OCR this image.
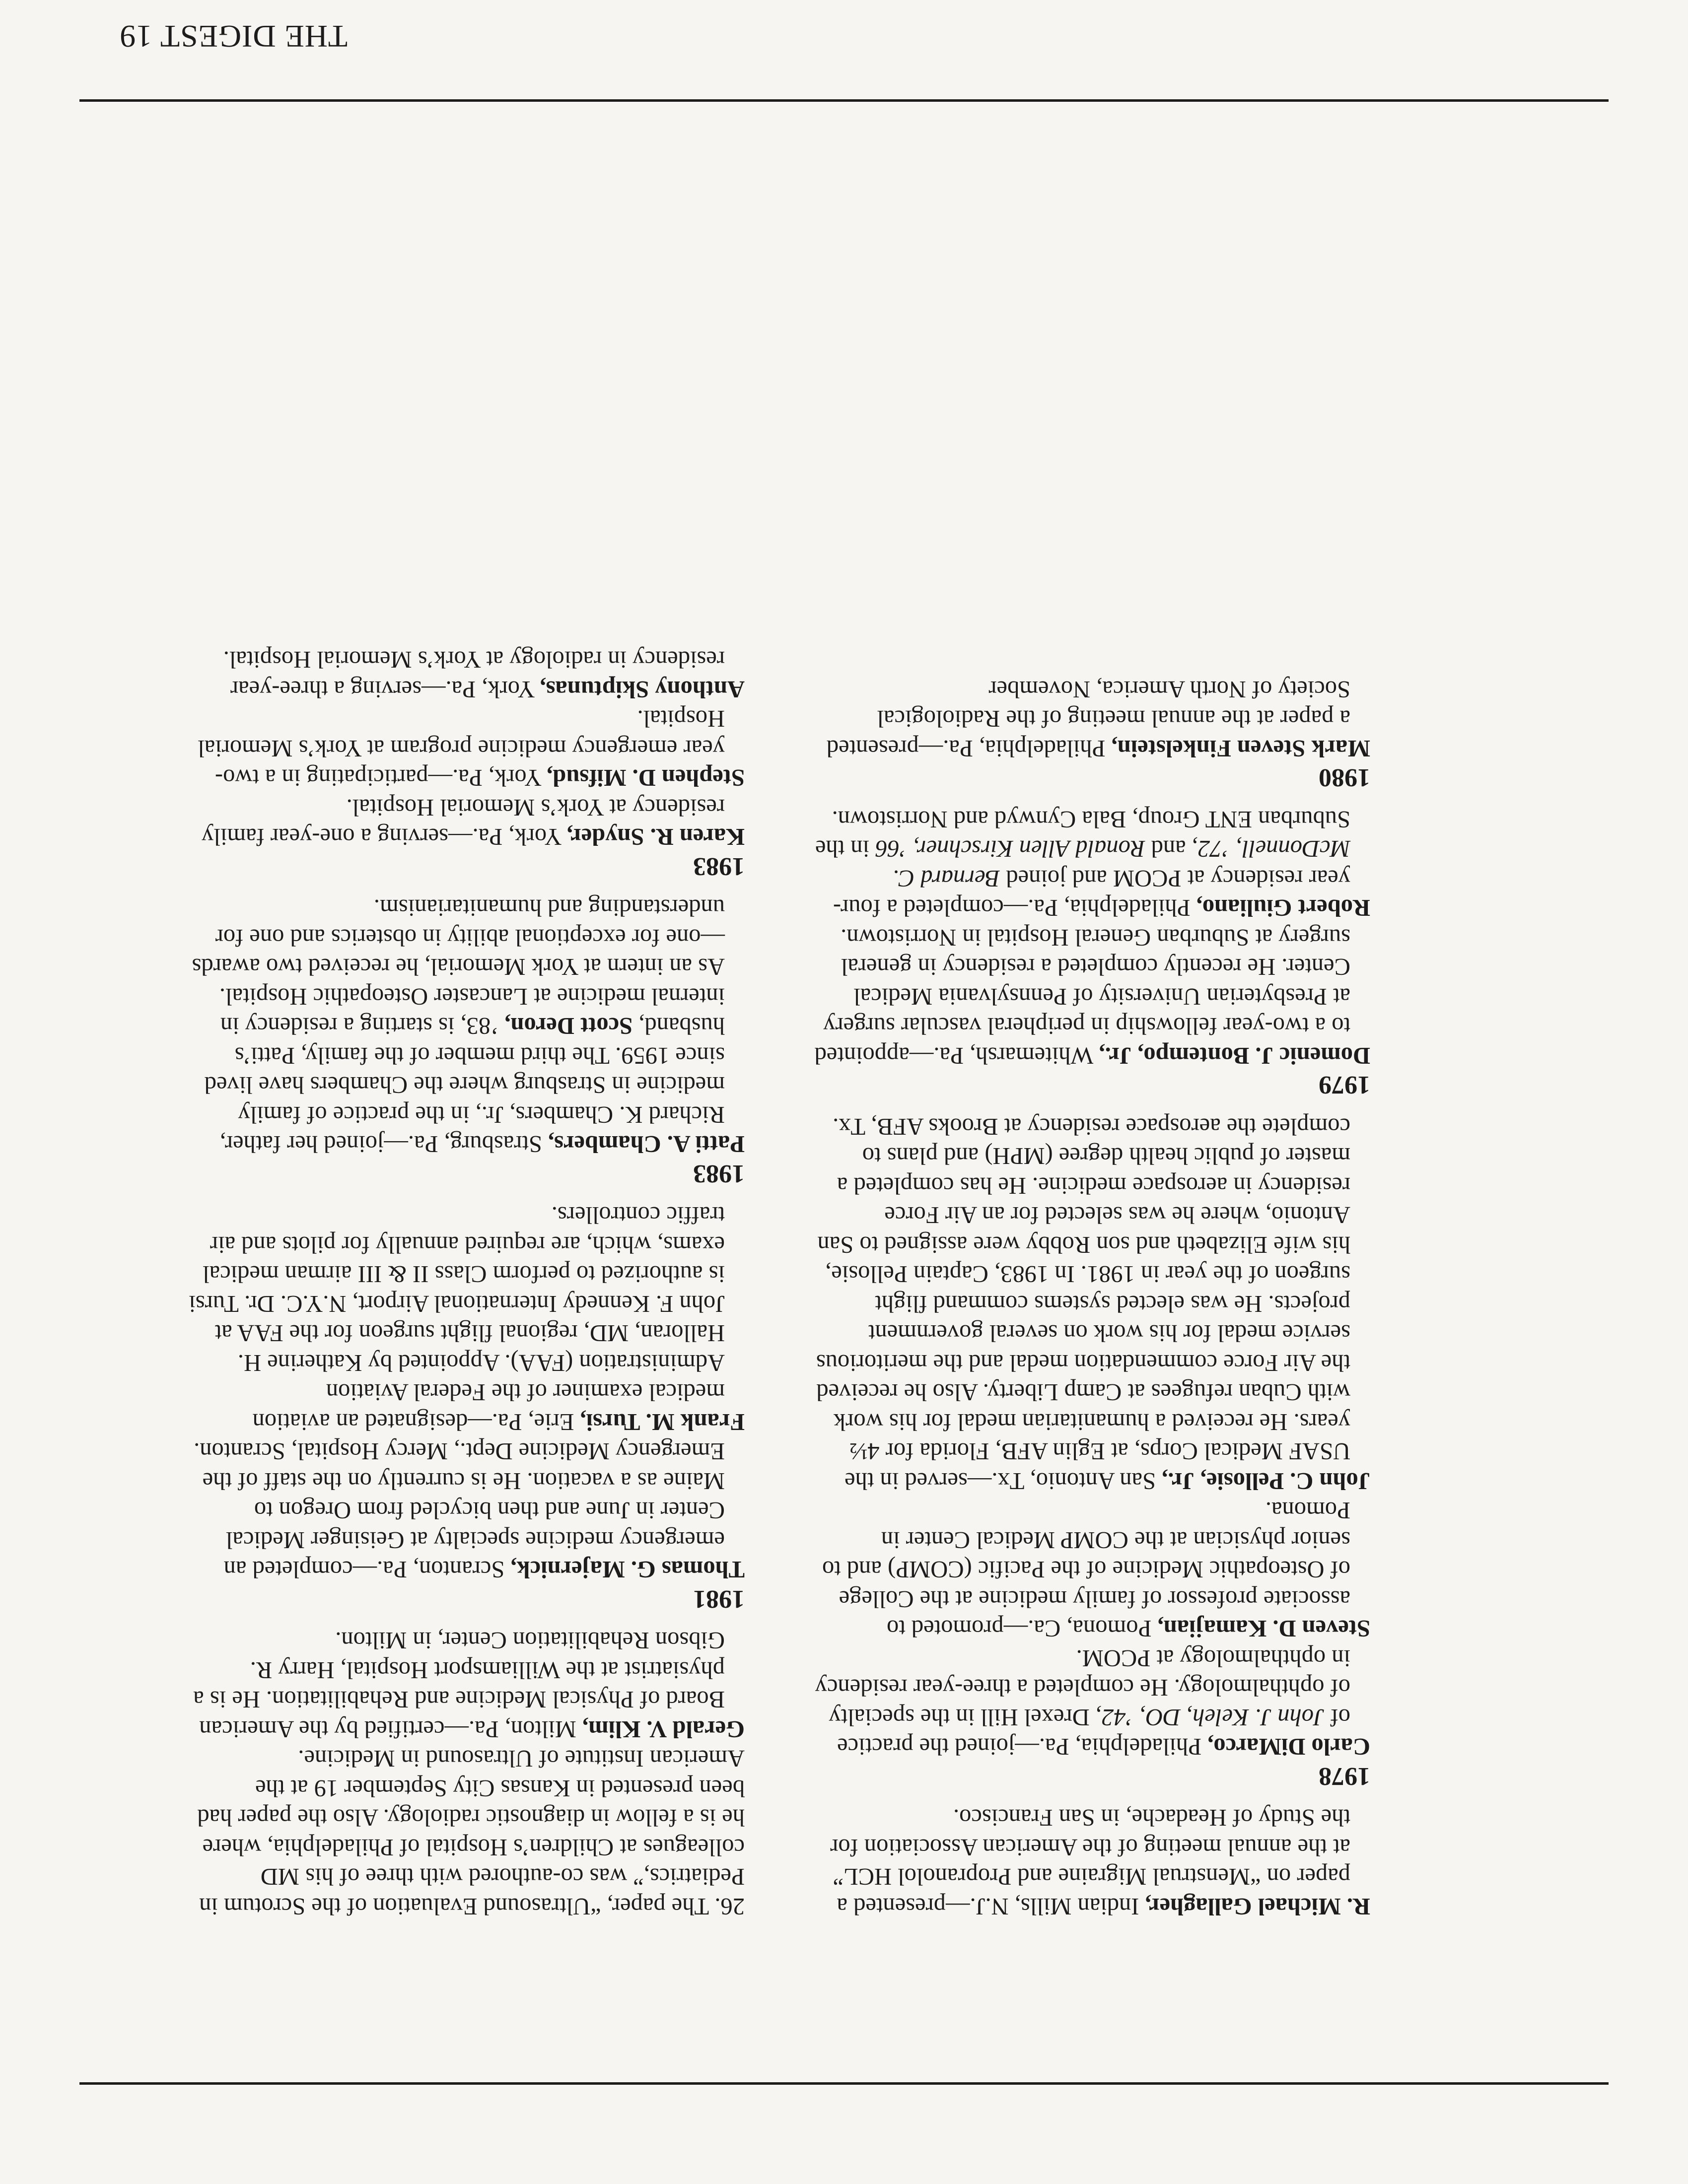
THE DIGEST 19

R. Michael Gallagher, Indian Mills, N.J.—presented a paper on “Menstrual Migraine and Propranolol HCL” at the annual meeting of the American Association for the Study of Headache, in San Francisco.

1978

Carlo DiMarco, Philadelphia, Pa.—joined the practice of John J. Keleh, DO, ’42, Drexel Hill in the specialty of ophthalmology. He completed a three-year residency in ophthalmology at PCOM.

Steven D. Kamajian, Pomona, Ca.—promoted to associate professor of family medicine at the College of Osteopathic Medicine of the Pacific (COMP) and to senior physician at the COMP Medical Center in Pomona.

John C. Pellosie, Jr., San Antonio, Tx.—served in the USAF Medical Corps, at Eglin AFB, Florida for 4½ years. He received a humanitarian medal for his work with Cuban refugees at Camp Liberty. Also he received the Air Force commendation medal and the meritorious service medal for his work on several government projects. He was elected systems command flight surgeon of the year in 1981. In 1983, Captain Pellosie, his wife Elizabeth and son Robby were assigned to San Antonio, where he was selected for an Air Force residency in aerospace medicine. He has completed a master of public health degree (MPH) and plans to complete the aerospace residency at Brooks AFB, Tx.

1979

Domenic J. Bontempo, Jr., Whitemarsh, Pa.—appointed to a two-year fellowship in peripheral vascular surgery at Presbyterian University of Pennsylvania Medical Center. He recently completed a residency in general surgery at Suburban General Hospital in Norristown.

Robert Giuliano, Philadelphia, Pa.—completed a four-year residency at PCOM and joined Bernard C. McDonnell, ’72, and Ronald Allen Kirschner, ’66 in the Suburban ENT Group, Bala Cynwyd and Norristown.

1980

Mark Steven Finkelstein, Philadelphia, Pa.—presented a paper at the annual meeting of the Radiological Society of North America, November

26. The paper, “Ultrasound Evaluation of the Scrotum in Pediatrics,” was co-authored with three of his MD colleagues at Children’s Hospital of Philadelphia, where he is a fellow in diagnostic radiology. Also the paper had been presented in Kansas City September 19 at the American Institute of Ultrasound in Medicine.

Gerald V. Klim, Milton, Pa.—certified by the American Board of Physical Medicine and Rehabilitation. He is a physiatrist at the Williamsport Hospital, Harry R. Gibson Rehabilitation Center, in Milton.

1981

Thomas G. Majernick, Scranton, Pa.—completed an emergency medicine specialty at Geisinger Medical Center in June and then bicycled from Oregon to Maine as a vacation. He is currently on the staff of the Emergency Medicine Dept., Mercy Hospital, Scranton.

Frank M. Tursi, Erie, Pa.—designated an aviation medical examiner of the Federal Aviation Administration (FAA). Appointed by Katherine H. Halloran, MD, regional flight surgeon for the FAA at John F. Kennedy International Airport, N.Y.C. Dr. Tursi is authorized to perform Class II & III airman medical exams, which, are required annually for pilots and air traffic controllers.

1983

Patti A. Chambers, Strasburg, Pa.—joined her father, Richard K. Chambers, Jr., in the practice of family medicine in Strasburg where the Chambers have lived since 1959. The third member of the family, Patti’s husband, Scott Deron, ’83, is starting a residency in internal medicine at Lancaster Osteopathic Hospital. As an intern at York Memorial, he received two awards—one for exceptional ability in obsterics and one for understanding and humanitarianism.

1983

Karen R. Snyder, York, Pa.—serving a one-year family residency at York’s Memorial Hospital.

Stephen D. Mifsud, York, Pa.—participating in a two-year emergency medicine program at York’s Memorial Hospital.

Anthony Skiptunas, York, Pa.—serving a three-year residency in radiology at York’s Memorial Hospital.
